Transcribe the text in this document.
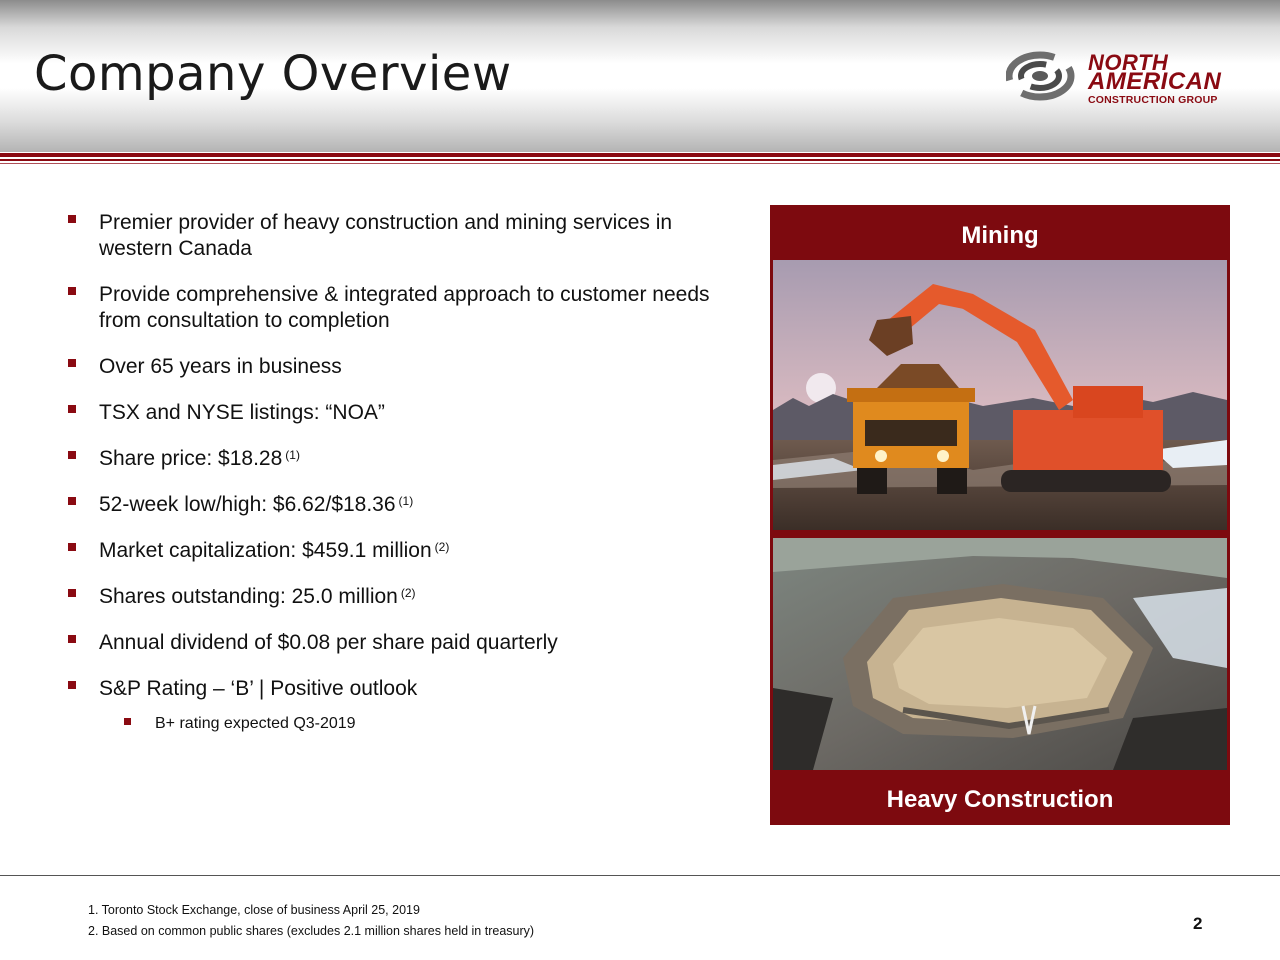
Company Overview	NORTH
AMERICAN
CONSTRUCTION GROUP
Premier provider of heavy construction and mining services in western Canada
Provide comprehensive & integrated approach to customer needs from consultation to completion
Over 65 years in business
TSX and NYSE listings: “NOA”
Share price: $18.28 $^{(1)}$
52-week low/high: $6.62/$18.36 $^{(1)}$
Market capitalization: $459.1 million $^{(2)}$
Shares outstanding: 25.0 million $^{(2)}$
Annual dividend of $0.08 per share paid quarterly
S&P Rating – ‘B’ | Positive outlook
B+ rating expected Q3-2019
Mining
Heavy Construction
1. Toronto Stock Exchange, close of business April 25, 2019
2. Based on common public shares (excludes 2.1 million shares held in treasury)	2
